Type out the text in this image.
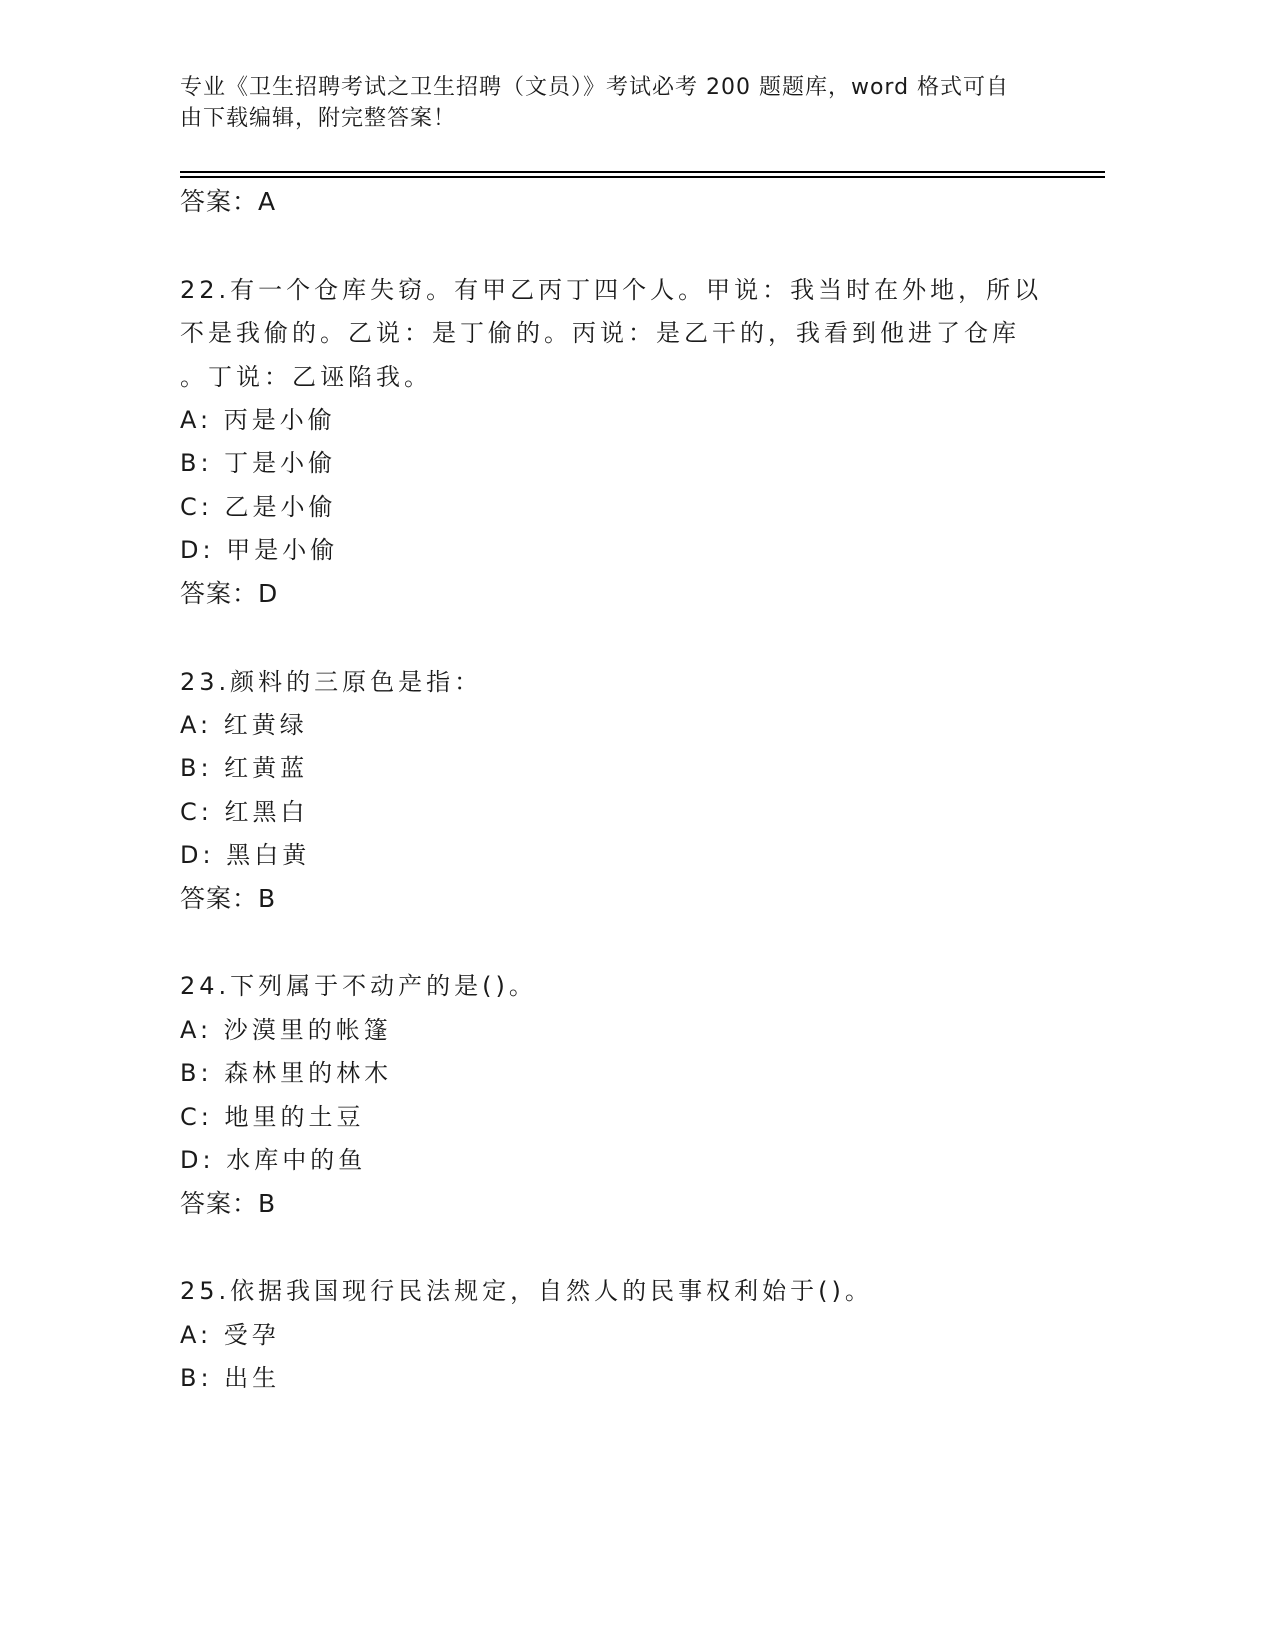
专业《卫生招聘考试之卫生招聘（文员）》考试必考 200 题题库，word 格式可自
由下载编辑，附完整答案！
答案：A
22.有一个仓库失窃。有甲乙丙丁四个人。甲说：我当时在外地，所以
不是我偷的。乙说：是丁偷的。丙说：是乙干的，我看到他进了仓库
。丁说：乙诬陷我。
A: 丙是小偷
B: 丁是小偷
C: 乙是小偷
D: 甲是小偷
答案：D
23.颜料的三原色是指：
A: 红黄绿
B: 红黄蓝
C: 红黑白
D: 黑白黄
答案：B
24.下列属于不动产的是()。
A: 沙漠里的帐篷
B: 森林里的林木
C: 地里的土豆
D: 水库中的鱼
答案：B
25.依据我国现行民法规定，自然人的民事权利始于()。
A: 受孕
B: 出生
